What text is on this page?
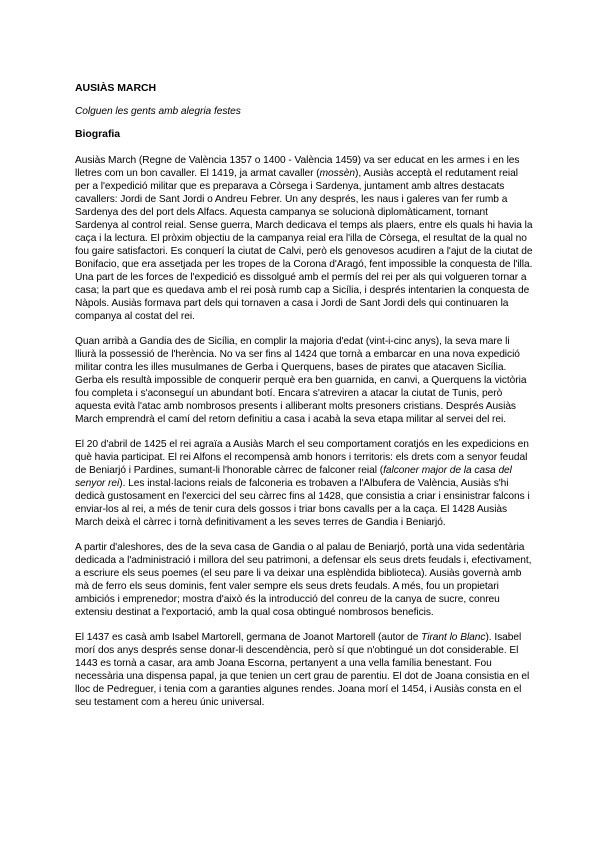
AUSIÀS MARCH
Colguen les gents amb alegria festes
Biografia

Ausiàs March (Regne de València 1357 o 1400 - València 1459) va ser educat en les armes i en les lletres com un bon cavaller. El 1419, ja armat cavaller (mossèn), Ausiàs acceptà el redutament reial per a l'expedició militar que es preparava a Còrsega i Sardenya, juntament amb altres destacats cavallers: Jordi de Sant Jordi o Andreu Febrer. Un any després, les naus i galeres van fer rumb a Sardenya des del port dels Alfacs. Aquesta campanya se solucionà diplomàticament, tornant Sardenya al control reial. Sense guerra, March dedicava el temps als plaers, entre els quals hi havia la caça i la lectura. El pròxim objectiu de la campanya reial era l'illa de Còrsega, el resultat de la qual no fou gaire satisfactori. Es conquerí la ciutat de Calvi, però els genovesos acudiren a l'ajut de la ciutat de Bonifacio, que era assetjada per les tropes de la Corona d'Aragó, fent impossible la conquesta de l'illa. Una part de les forces de l'expedició es dissolgué amb el permís del rei per als qui volgueren tornar a casa; la part que es quedava amb el rei posà rumb cap a Sicília, i després intentarien la conquesta de Nàpols. Ausiàs formava part dels qui tornaven a casa i Jordi de Sant Jordi dels qui continuaren la companya al costat del rei.

Quan arribà a Gandia des de Sicília, en complir la majoria d'edat (vint-i-cinc anys), la seva mare li lliurà la possessió de l'herència. No va ser fins al 1424 que tornà a embarcar en una nova expedició militar contra les illes musulmanes de Gerba i Querquens, bases de pirates que atacaven Sicília. Gerba els resultà impossible de conquerir perquè era ben guarnida, en canvi, a Querquens la victòria fou completa i s'aconseguí un abundant botí. Encara s'atreviren a atacar la ciutat de Tunis, però aquesta evità l'atac amb nombrosos presents i alliberant molts presoners cristians. Després Ausiàs March emprendrà el camí del retorn definitiu a casa i acabà la seva etapa militar al servei del rei.

El 20 d'abril de 1425 el rei agraïa a Ausiàs March el seu comportament coratjós en les expedicions en què havia participat. El rei Alfons el recompensà amb honors i territoris: els drets com a senyor feudal de Beniarjó i Pardines, sumant-li l'honorable càrrec de falconer reial (falconer major de la casa del senyor rei). Les instal·lacions reials de falconeria es trobaven a l'Albufera de València, Ausiàs s'hi dedicà gustosament en l'exercici del seu càrrec fins al 1428, que consistia a criar i ensinistrar falcons i enviar-los al rei, a més de tenir cura dels gossos i triar bons cavalls per a la caça. El 1428 Ausiàs March deixà el càrrec i tornà definitivament a les seves terres de Gandia i Beniarjó.

A partir d'aleshores, des de la seva casa de Gandia o al palau de Beniarjó, portà una vida sedentària dedicada a l'administració i millora del seu patrimoni, a defensar els seus drets feudals i, efectivament, a escriure els seus poemes (el seu pare li va deixar una esplèndida biblioteca). Ausiàs governà amb mà de ferro els seus dominis, fent valer sempre els seus drets feudals. A més, fou un propietari ambiciós i emprenedor; mostra d'això és la introducció del conreu de la canya de sucre, conreu extensiu destinat a l'exportació, amb la qual cosa obtingué nombrosos beneficis.

El 1437 es casà amb Isabel Martorell, germana de Joanot Martorell (autor de Tirant lo Blanc). Isabel morí dos anys després sense donar-li descendència, però sí que n'obtingué un dot considerable. El 1443 es tornà a casar, ara amb Joana Escorna, pertanyent a una vella família benestant. Fou necessària una dispensa papal, ja que tenien un cert grau de parentiu. El dot de Joana consistia en el lloc de Pedreguer, i tenia com a garanties algunes rendes. Joana morí el 1454, i Ausiàs consta en el seu testament com a hereu únic universal.
